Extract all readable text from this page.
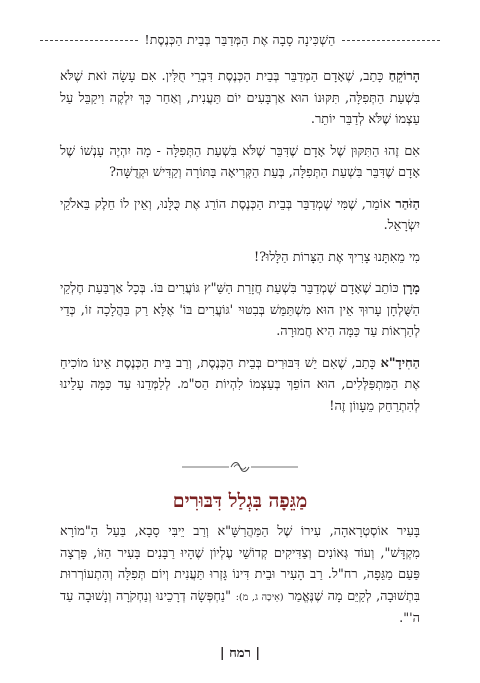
הַשְׁכִּינָה סָבָה אֶת הַמְּדַבֵּר בְּבֵית הַכְּנֶסֶת!

הָרוֹקֵחַ כָּתַב, שֶׁאָדָם הַמְדַבֵּר בְּבֵית הַכְּנֶסֶת דִּבְרֵי חֻלִּין. אִם עָשָׂה זֹאת שֶׁלֹּא בִּשְׁעַת הַתְּפִלָּה, תִּקּוּנוֹ הוּא אַרְבָּעִים יוֹם תַּעֲנִית, וְאַחַר כָּךְ יִלְקֶה וִיקַבֵּל עַל עַצְמוֹ שֶׁלֹּא לְדַבֵּר יוֹתֵר.

אִם זֶהוּ הַתִּקּוּן שֶׁל אָדָם שֶׁדִּבֵּר שֶׁלֹּא בִּשְׁעַת הַתְּפִלָּה - מָה יִהְיֶה עָנְשׁוֹ שֶׁל אָדָם שֶׁדִּבֵּר בִּשְׁעַת הַתְּפִלָּה, בְּעֵת הַקְּרִיאָה בַּתּוֹרָה וְקַדִּישׁ וּקְדֻשָּׁה?

הַזֹּהַר אוֹמֵר, שֶׁמִּי שֶׁמְדַבֵּר בְּבֵית הַכְּנֶסֶת הוֹרֵג אֶת כֻּלָּנוּ, וְאֵין לוֹ חֵלֶק בֵּאלֹקֵי יִשְׂרָאֵל.

מִי מֵאִתָּנוּ צָרִיךְ אֶת הַצָּרוֹת הַלָּלוּ?!

מָרָן כּוֹתֵב שֶׁאָדָם שֶׁמְדַבֵּר בִּשְׁעַת חֲזָרַת הַשַּׁ"ץ גּוֹעֲרִים בּוֹ. בְּכָל אַרְבַּעַת חֶלְקֵי הַשֻּׁלְחָן עָרוּךְ אֵין הוּא מִשְׁתַּמֵּשׁ בְּבִטּוּי 'גּוֹעֲרִים בּוֹ' אֶלָּא רַק בַּהֲלָכָה זוֹ, כְּדֵי לְהַרְאוֹת עַד כַּמָּה הִיא חֲמוּרָה.

הַחִידָ"א כָּתַב, שֶׁאִם יֵשׁ דִּבּוּרִים בְּבֵית הַכְּנֶסֶת, וְרַב בֵּית הַכְּנֶסֶת אֵינוֹ מוֹכִיחַ אֶת הַמִּתְפַּלְּלִים, הוּא הוֹפֵךְ בְּעַצְמוֹ לִהְיוֹת הַס"מ. לְלַמְּדֵנוּ עַד כַּמָּה עָלֵינוּ לְהִתְרַחֵק מֵעָווֹן זֶה!

מַגֵּפָה בִּגְלַל דִּבּוּרִים

בָּעִיר אוֹסְטְרָאהָה, עִירוֹ שֶׁל הַמַּהֲרַשָּׁ"א וְרַב יֵיבִּי סָבָא, בַּעַל הַ"מוֹרָא מִקְדָּשׁ", וְעוֹד גְּאוֹנִים וְצַדִּיקִים קְדוֹשֵׁי עֶלְיוֹן שֶׁהָיוּ רַבָּנִים בָּעִיר הַזּוֹ, פָּרְצָה פַּעַם מַגֵּפָה, רח"ל. רַב הָעִיר וּבֵית דִּינוֹ גָּזְרוּ תַּעֲנִית וְיוֹם תְּפִלָּה וְהִתְעוֹרְרוּת בִּתְשׁוּבָה, לְקַיֵּם מָה שֶׁנֶּאֱמַר (אֵיכָה ג, מ): "נַחְפְּשָׂה דְרָכֵינוּ וְנַחְקֹרָה וְנָשׁוּבָה עַד ה'".

| רמח |
